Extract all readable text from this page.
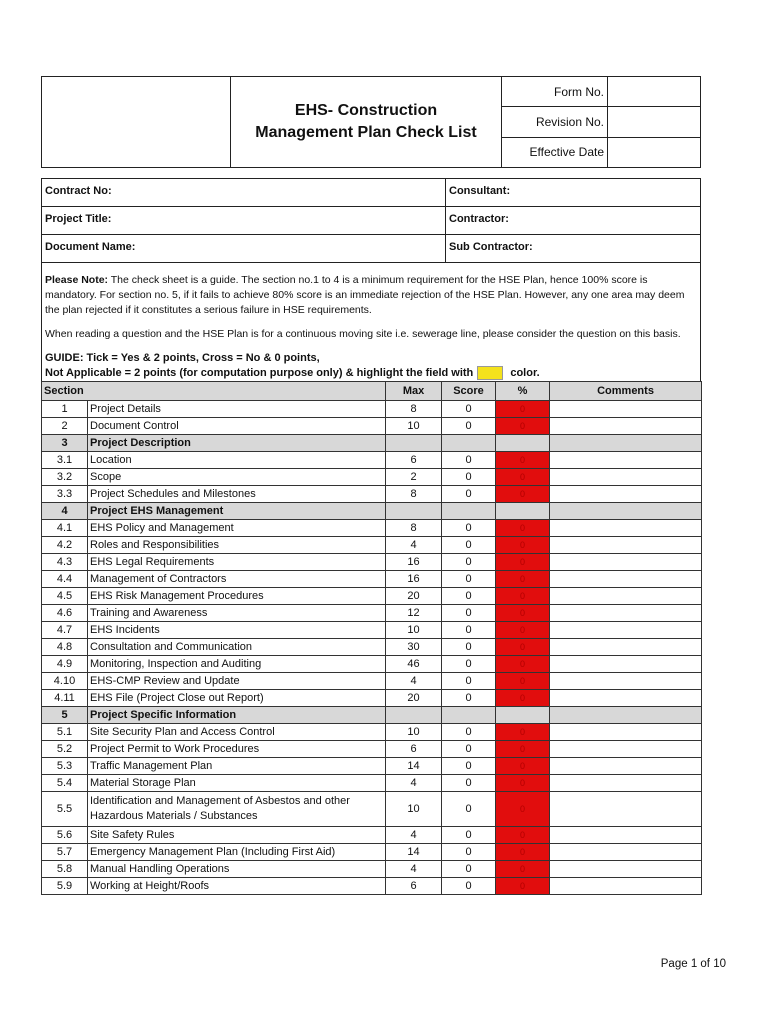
EHS- Construction
Management Plan Check List
Form No.
Revision No.
Effective Date
Contract No:	Consultant:
Project Title:	Contractor:
Document Name:	Sub Contractor:

Please Note: The check sheet is a guide. The section no.1 to 4 is a minimum requirement for the HSE Plan, hence 100% score is mandatory. For section no. 5, if it fails to achieve 80% score is an immediate rejection of the HSE Plan. However, any one area may deem the plan rejected if it constitutes a serious failure in HSE requirements.

When reading a question and the HSE Plan is for a continuous moving site i.e. sewerage line, please consider the question on this basis.

GUIDE: Tick = Yes & 2 points, Cross = No & 0 points,
Not Applicable = 2 points (for computation purpose only) & highlight the field with	color.
Section		Max	Score	%	Comments
1	Project Details	8	0	0	
2	Document Control	10	0	0	
3	Project Description				
3.1	Location	6	0	0	
3.2	Scope	2	0	0	
3.3	Project Schedules and Milestones	8	0	0	
4	Project EHS Management				
4.1	EHS Policy and Management	8	0	0	
4.2	Roles and Responsibilities	4	0	0	
4.3	EHS Legal Requirements	16	0	0	
4.4	Management of Contractors	16	0	0	
4.5	EHS Risk Management Procedures	20	0	0	
4.6	Training and Awareness	12	0	0	
4.7	EHS Incidents	10	0	0	
4.8	Consultation and Communication	30	0	0	
4.9	Monitoring, Inspection and Auditing	46	0	0	
4.10	EHS-CMP Review and Update	4	0	0	
4.11	EHS File (Project Close out Report)	20	0	0	
5	Project Specific Information				
5.1	Site Security Plan and Access Control	10	0	0	
5.2	Project Permit to Work Procedures	6	0	0	
5.3	Traffic Management Plan	14	0	0	
5.4	Material Storage Plan	4	0	0	
5.5	Identification and Management of Asbestos and other Hazardous Materials / Substances	10	0	0	
5.6	Site Safety Rules	4	0	0	
5.7	Emergency Management Plan (Including First Aid)	14	0	0	
5.8	Manual Handling Operations	4	0	0	
5.9	Working at Height/Roofs	6	0	0	
Page 1 of 10
